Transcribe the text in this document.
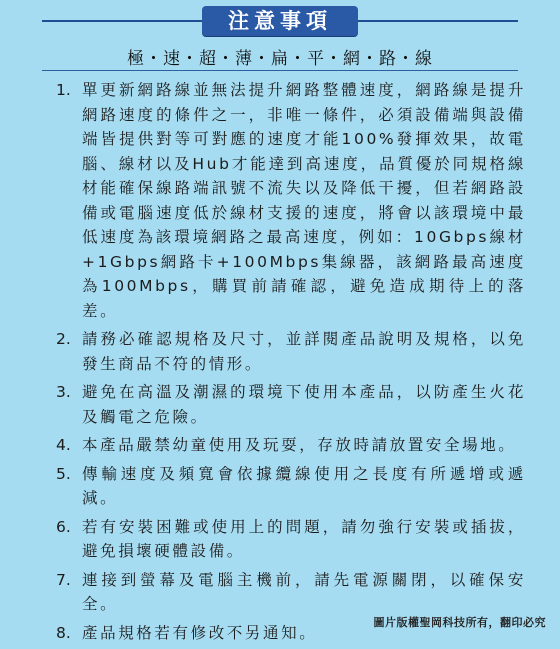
注意事項
極・速・超・薄・扁・平・網・路・線
1. 單更新網路線並無法提升網路整體速度，網路線是提升網路速度的條件之一，非唯一條件，必須設備端與設備端皆提供對等可對應的速度才能100%發揮效果，故電腦、線材以及Hub才能達到高速度，品質優於同規格線材能確保線路端訊號不流失以及降低干擾，但若網路設備或電腦速度低於線材支援的速度，將會以該環境中最低速度為該環境網路之最高速度，例如：10Gbps線材+1Gbps網路卡+100Mbps集線器，該網路最高速度為100Mbps，購買前請確認，避免造成期待上的落差。
2. 請務必確認規格及尺寸，並詳閱產品說明及規格，以免發生商品不符的情形。
3. 避免在高溫及潮濕的環境下使用本產品，以防產生火花及觸電之危險。
4. 本產品嚴禁幼童使用及玩耍，存放時請放置安全場地。
5. 傳輸速度及頻寬會依據纜線使用之長度有所遞增或遞減。
6. 若有安裝困難或使用上的問題，請勿強行安裝或插拔，避免損壞硬體設備。
7. 連接到螢幕及電腦主機前，請先電源關閉，以確保安全。
8. 產品規格若有修改不另通知。
圖片版權聖岡科技所有，翻印必究
